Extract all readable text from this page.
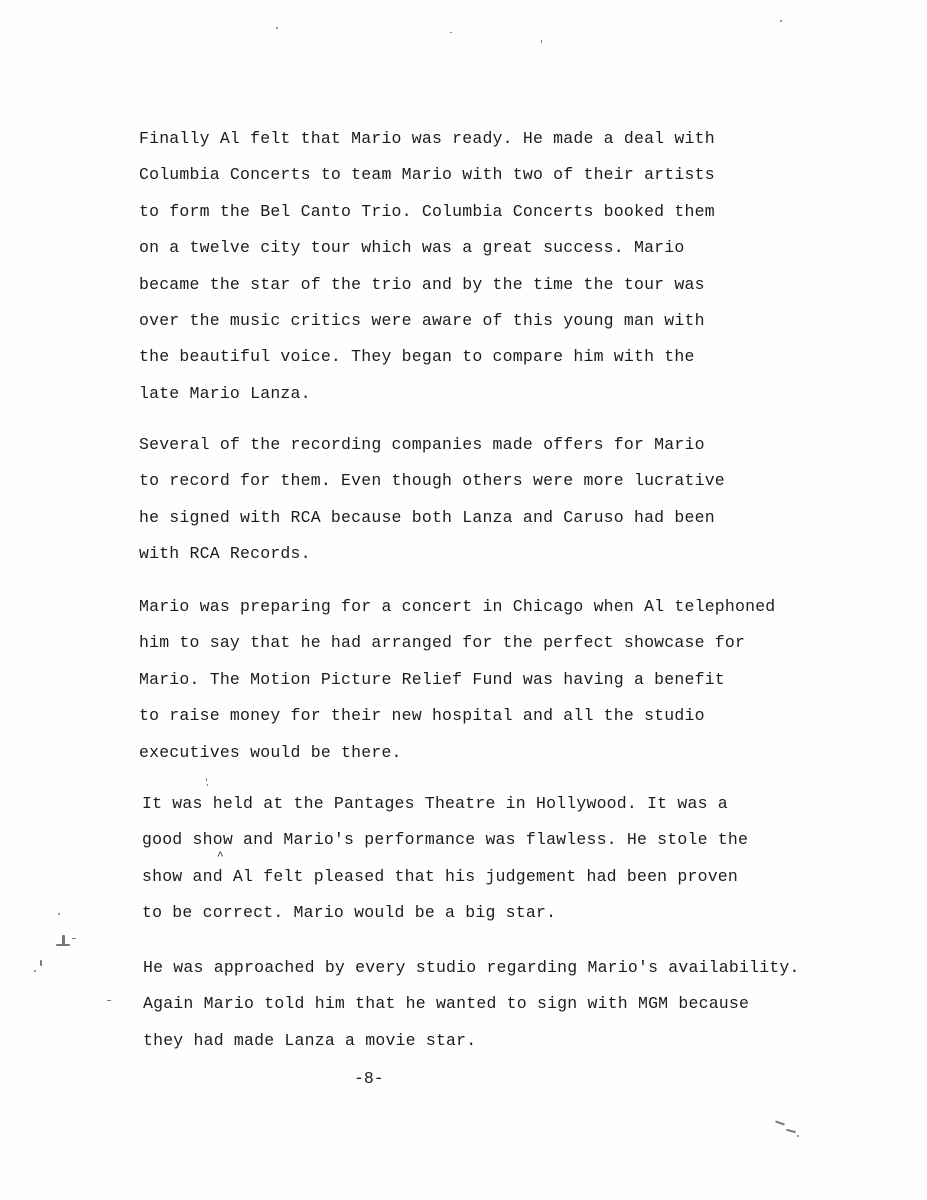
Finally Al felt that Mario was ready. He made a deal with
Columbia Concerts to team Mario with two of their artists
to form the Bel Canto Trio. Columbia Concerts booked them
on a twelve city tour which was a great success. Mario
became the star of the trio and by the time the tour was
over the music critics were aware of this young man with
the beautiful voice. They began to compare him with the
late Mario Lanza.
Several of the recording companies made offers for Mario
to record for them. Even though others were more lucrative
he signed with RCA because both Lanza and Caruso had been
with RCA Records.
Mario was preparing for a concert in Chicago when Al telephoned
him to say that he had arranged for the perfect showcase for
Mario. The Motion Picture Relief Fund was having a benefit
to raise money for their new hospital and all the studio
executives would be there.
It was held at the Pantages Theatre in Hollywood. It was a
good show and Mario's performance was flawless. He stole the
show and Al felt pleased that his judgement had been proven
to be correct. Mario would be a big star.
^
He was approached by every studio regarding Mario's availability.
Again Mario told him that he wanted to sign with MGM because
they had made Lanza a movie star.
-8-
